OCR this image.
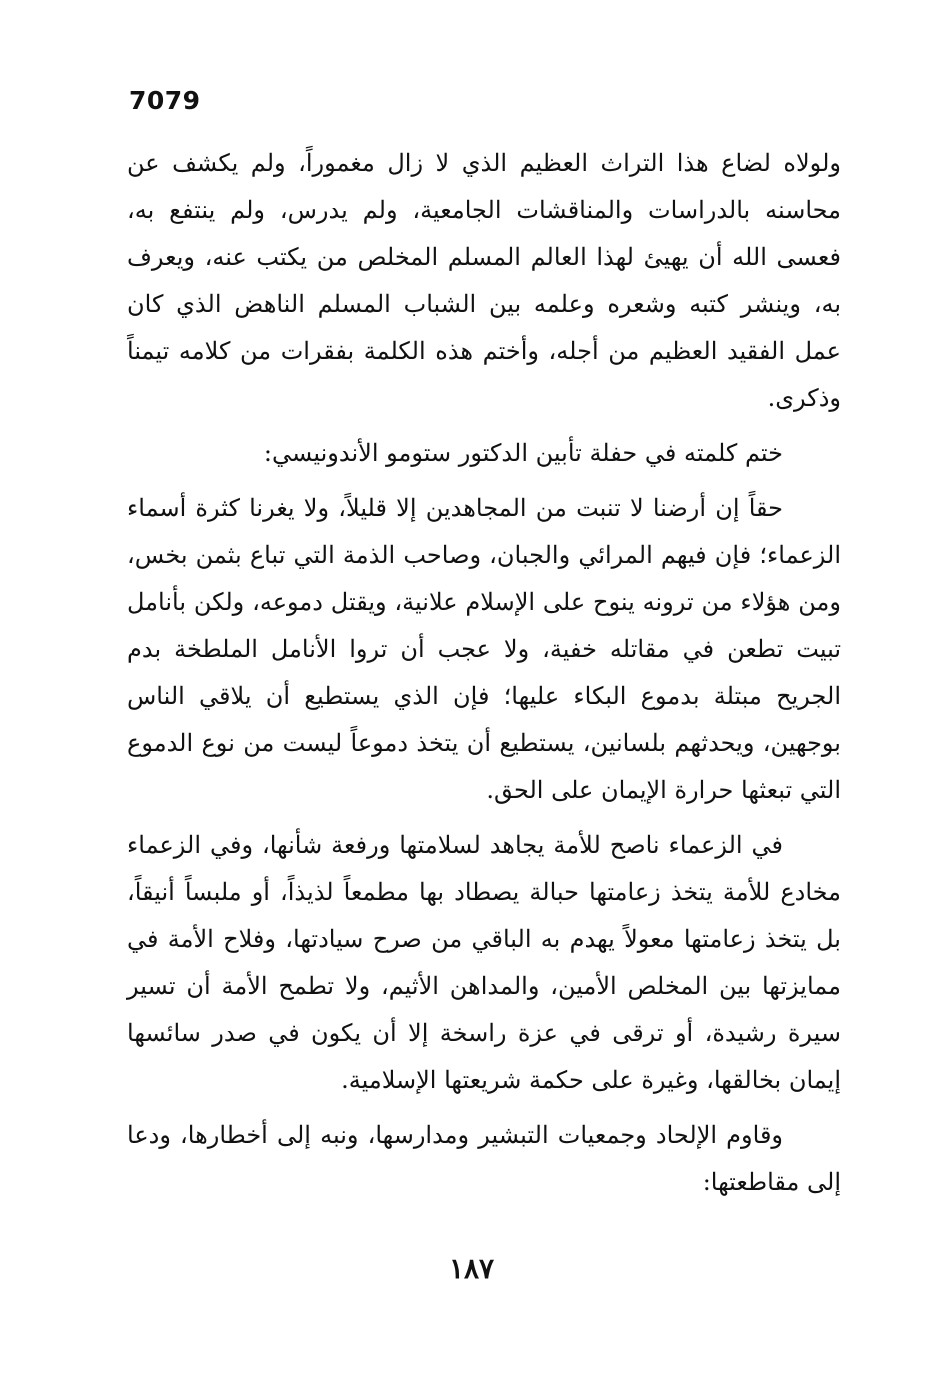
7079

ولولاه لضاع هذا التراث العظيم الذي لا زال مغموراً، ولم يكشف عن محاسنه بالدراسات والمناقشات الجامعية، ولم يدرس، ولم ينتفع به، فعسى الله أن يهيئ لهذا العالم المسلم المخلص من يكتب عنه، ويعرف به، وينشر كتبه وشعره وعلمه بين الشباب المسلم الناهض الذي كان عمل الفقيد العظيم من أجله، وأختم هذه الكلمة بفقرات من كلامه تيمناً وذكرى.

ختم كلمته في حفلة تأبين الدكتور ستومو الأندونيسي:

حقاً إن أرضنا لا تنبت من المجاهدين إلا قليلاً، ولا يغرنا كثرة أسماء الزعماء؛ فإن فيهم المرائي والجبان، وصاحب الذمة التي تباع بثمن بخس، ومن هؤلاء من ترونه ينوح على الإسلام علانية، ويقتل دموعه، ولكن بأنامل تبيت تطعن في مقاتله خفية، ولا عجب أن تروا الأنامل الملطخة بدم الجريح مبتلة بدموع البكاء عليها؛ فإن الذي يستطيع أن يلاقي الناس بوجهين، ويحدثهم بلسانين، يستطيع أن يتخذ دموعاً ليست من نوع الدموع التي تبعثها حرارة الإيمان على الحق.

في الزعماء ناصح للأمة يجاهد لسلامتها ورفعة شأنها، وفي الزعماء مخادع للأمة يتخذ زعامتها حبالة يصطاد بها مطمعاً لذيذاً، أو ملبساً أنيقاً، بل يتخذ زعامتها معولاً يهدم به الباقي من صرح سيادتها، وفلاح الأمة في ممايزتها بين المخلص الأمين، والمداهن الأثيم، ولا تطمح الأمة أن تسير سيرة رشيدة، أو ترقى في عزة راسخة إلا أن يكون في صدر سائسها إيمان بخالقها، وغيرة على حكمة شريعتها الإسلامية.

وقاوم الإلحاد وجمعيات التبشير ومدارسها، ونبه إلى أخطارها، ودعا إلى مقاطعتها:

١٨٧
